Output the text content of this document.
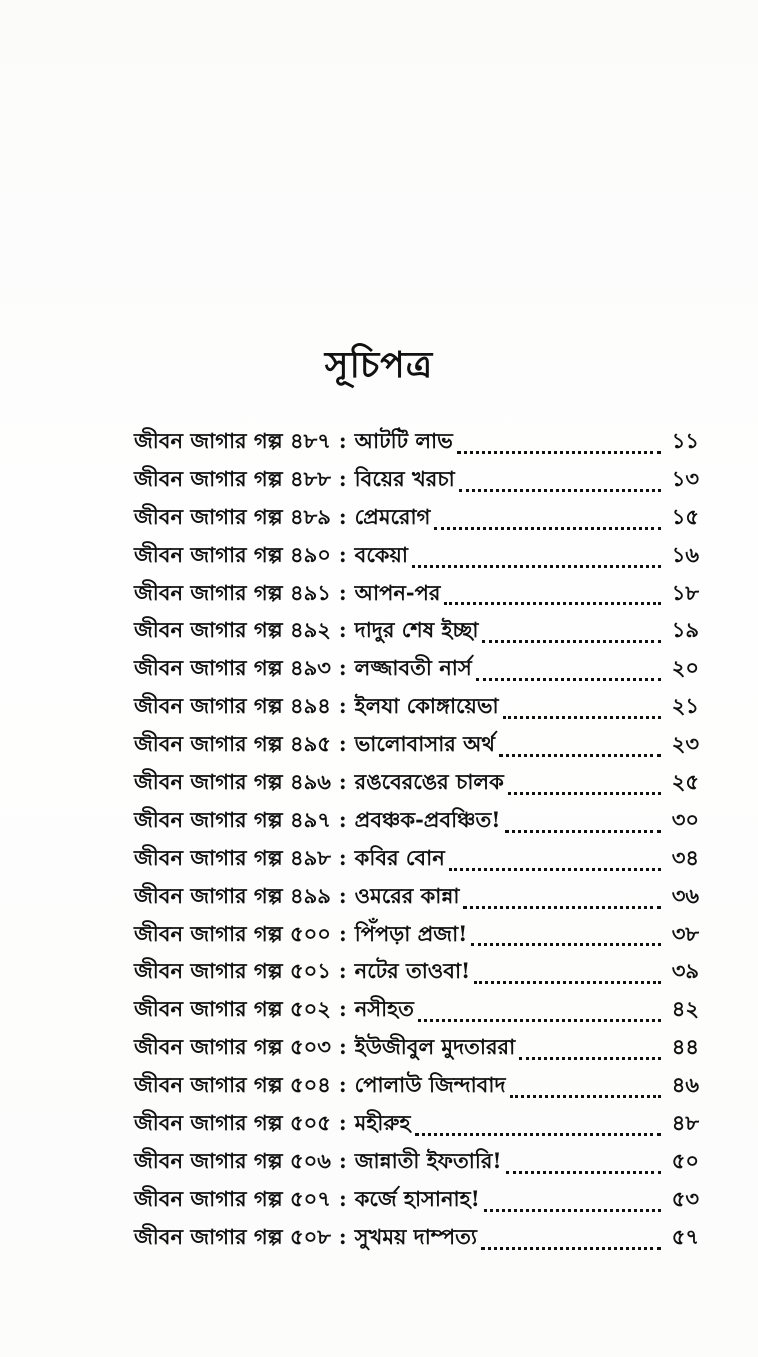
সূচিপত্র
জীবন জাগার গল্প ৪৮৭ : আটটি লাভ	১১
জীবন জাগার গল্প ৪৮৮ : বিয়ের খরচা	১৩
জীবন জাগার গল্প ৪৮৯ : প্রেমরোগ	১৫
জীবন জাগার গল্প ৪৯০ : বকেয়া	১৬
জীবন জাগার গল্প ৪৯১ : আপন-পর	১৮
জীবন জাগার গল্প ৪৯২ : দাদুর শেষ ইচ্ছা	১৯
জীবন জাগার গল্প ৪৯৩ : লজ্জাবতী নার্স	২০
জীবন জাগার গল্প ৪৯৪ : ইলযা কোঙ্গায়েভা	২১
জীবন জাগার গল্প ৪৯৫ : ভালোবাসার অর্থ	২৩
জীবন জাগার গল্প ৪৯৬ : রঙবেরঙের চালক	২৫
জীবন জাগার গল্প ৪৯৭ : প্রবঞ্চক-প্রবঞ্চিত!	৩০
জীবন জাগার গল্প ৪৯৮ : কবির বোন	৩৪
জীবন জাগার গল্প ৪৯৯ : ওমরের কান্না	৩৬
জীবন জাগার গল্প ৫০০ : পিঁপড়া প্রজা!	৩৮
জীবন জাগার গল্প ৫০১ : নটের তাওবা!	৩৯
জীবন জাগার গল্প ৫০২ : নসীহত	৪২
জীবন জাগার গল্প ৫০৩ : ইউজীবুল মুদতাররা	৪৪
জীবন জাগার গল্প ৫০৪ : পোলাউ জিন্দাবাদ	৪৬
জীবন জাগার গল্প ৫০৫ : মহীরুহ	৪৮
জীবন জাগার গল্প ৫০৬ : জান্নাতী ইফতারি!	৫০
জীবন জাগার গল্প ৫০৭ : কর্জে হাসানাহ!	৫৩
জীবন জাগার গল্প ৫০৮ : সুখময় দাম্পত্য	৫৭
